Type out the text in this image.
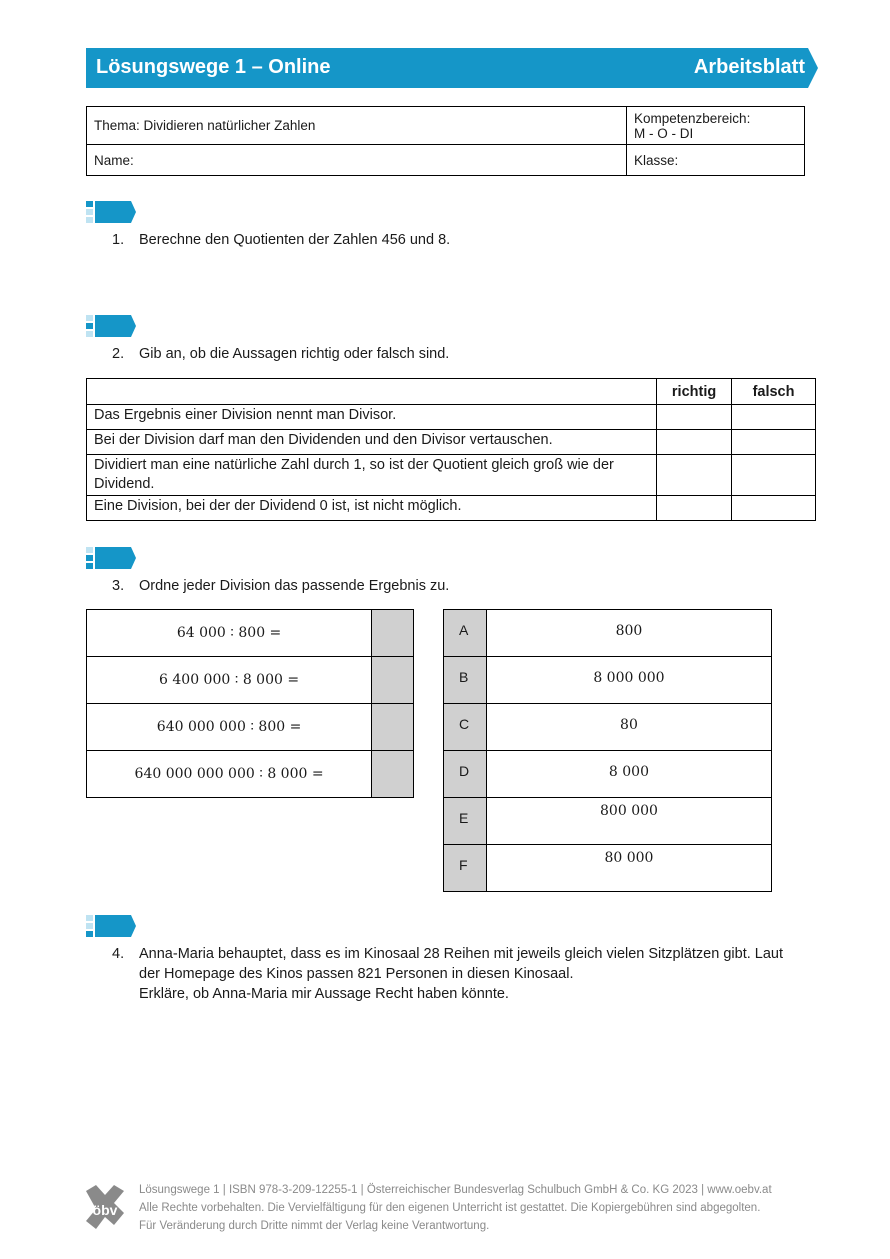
Lösungswege 1 – Online	Arbeitsblatt
Thema: Dividieren natürlicher Zahlen	Kompetenzbereich:
M - O - DI

Name:	Klasse:
1. Berechne den Quotienten der Zahlen 456 und 8.
2. Gib an, ob die Aussagen richtig oder falsch sind.
	richtig	falsch
Das Ergebnis einer Division nennt man Divisor.		
Bei der Division darf man den Dividenden und den Divisor vertauschen.		

Dividiert man eine natürliche Zahl durch 1, so ist der Quotient gleich groß wie der
Dividend.		

Eine Division, bei der der Dividend 0 ist, ist nicht möglich.		
3. Ordne jeder Division das passende Ergebnis zu.
64 000 ∶ 800 =	
6 400 000 ∶ 8 000 =	
640 000 000 ∶ 800 =	
640 000 000 000 ∶ 8 000 =	
A	800
B	8 000 000
C	80
D	8 000
E	800 000
F	80 000
4. Anna-Maria behauptet, dass es im Kinosaal 28 Reihen mit jeweils gleich vielen Sitzplätzen gibt. Laut
der Homepage des Kinos passen 821 Personen in diesen Kinosaal.
Erkläre, ob Anna-Maria mir Aussage Recht haben könnte.
öbv
Lösungswege 1 | ISBN 978-3-209-12255-1 | Österreichischer Bundesverlag Schulbuch GmbH & Co. KG 2023 | www.oebv.at
Alle Rechte vorbehalten. Die Vervielfältigung für den eigenen Unterricht ist gestattet. Die Kopiergebühren sind abgegolten.
Für Veränderung durch Dritte nimmt der Verlag keine Verantwortung.
